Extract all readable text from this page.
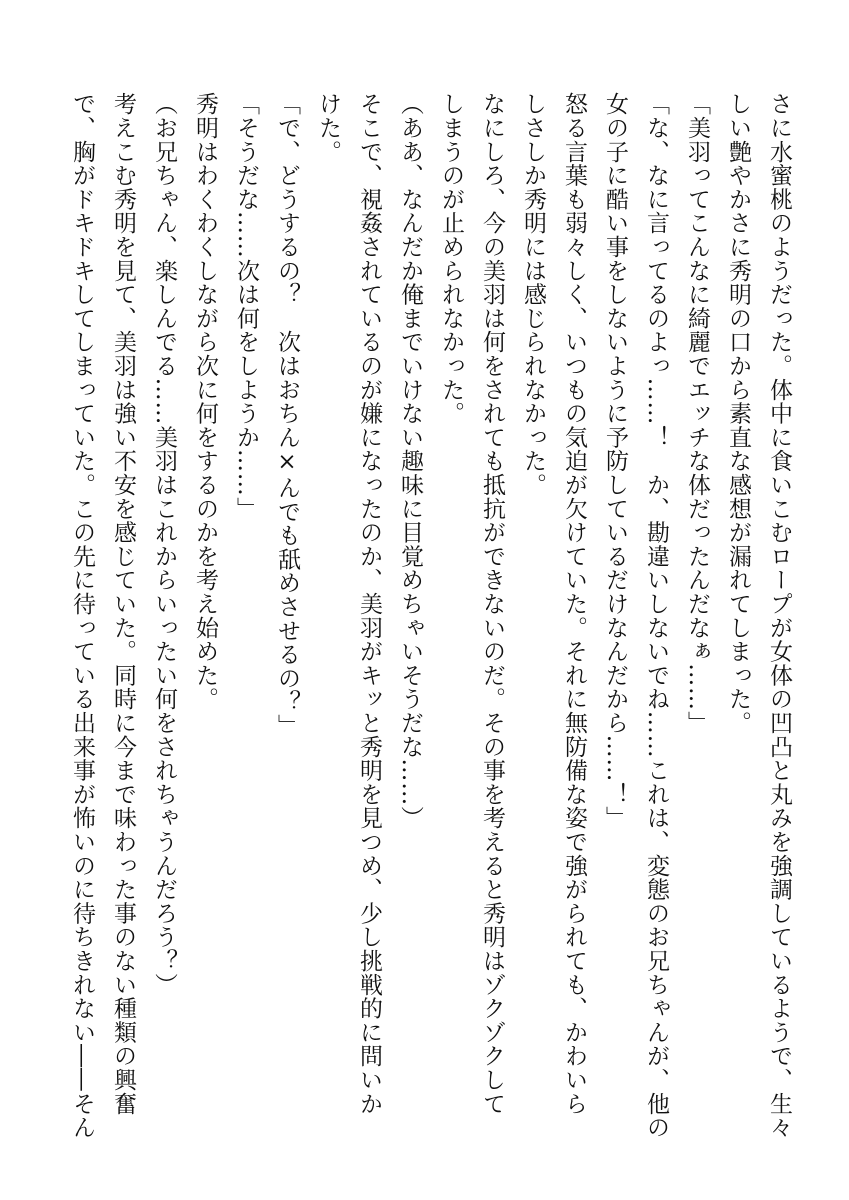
さに水蜜桃のようだった。体中に食いこむロープが女体の凹凸と丸みを強調しているようで、生々
しい艶やかさに秀明の口から素直な感想が漏れてしまった。
「美羽ってこんなに綺麗でエッチな体だったんだなぁ……」
「な、なに言ってるのよっ……！　か、勘違いしないでね……これは、変態のお兄ちゃんが、他の
女の子に酷い事をしないように予防しているだけなんだから……！」
怒る言葉も弱々しく、いつもの気迫が欠けていた。それに無防備な姿で強がられても、かわいら
しさしか秀明には感じられなかった。
なにしろ、今の美羽は何をされても抵抗ができないのだ。その事を考えると秀明はゾクゾクして
しまうのが止められなかった。
（ああ、なんだか俺までいけない趣味に目覚めちゃいそうだな……）
そこで、視姦されているのが嫌になったのか、美羽がキッと秀明を見つめ、少し挑戦的に問いか
けた。
「で、どうするの？　次はおちん×んでも舐めさせるの？」
「そうだな……次は何をしようか……」
秀明はわくわくしながら次に何をするのかを考え始めた。
（お兄ちゃん、楽しんでる……美羽はこれからいったい何をされちゃうんだろう？）
考えこむ秀明を見て、美羽は強い不安を感じていた。同時に今まで味わった事のない種類の興奮
で、胸がドキドキしてしまっていた。この先に待っている出来事が怖いのに待ちきれない――そん
